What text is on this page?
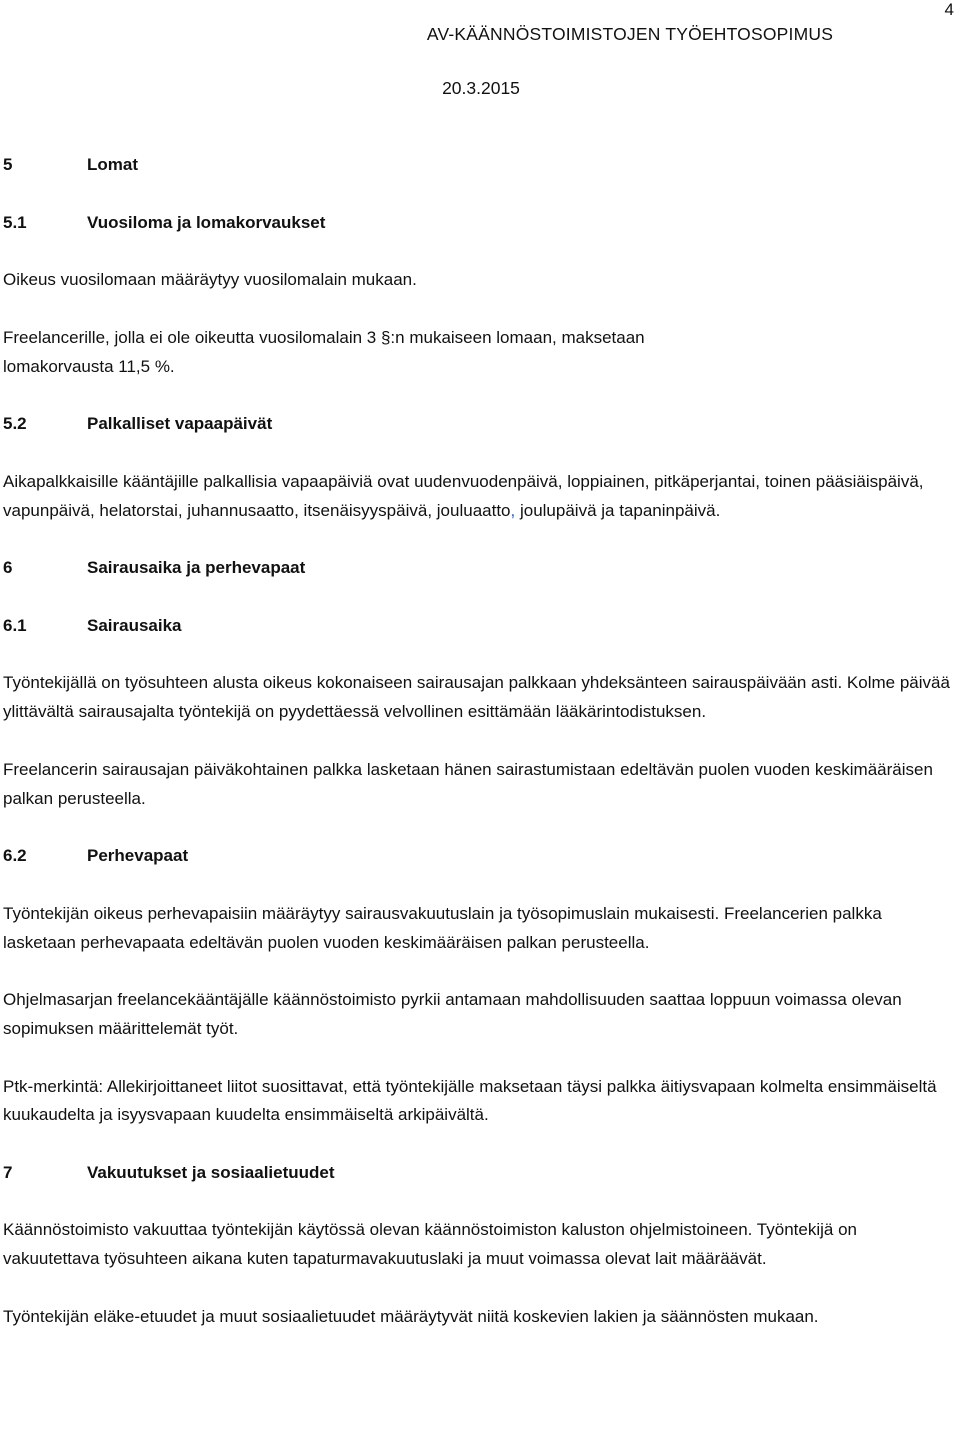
4
AV-KÄÄNNÖSTOIMISTOJEN TYÖEHTOSOPIMUS
20.3.2015
5	Lomat
5.1	Vuosiloma ja lomakorvaukset
Oikeus vuosilomaan määräytyy vuosilomalain mukaan.
Freelancerille, jolla ei ole oikeutta vuosilomalain 3 §:n mukaiseen lomaan, maksetaan lomakorvausta 11,5 %.
5.2	Palkalliset vapaapäivät
Aikapalkkaisille kääntäjille palkallisia vapaapäiviä ovat uudenvuodenpäivä, loppiainen, pitkäperjantai, toinen pääsiäispäivä, vapunpäivä, helatorstai, juhannusaatto, itsenäisyyspäivä, jouluaatto, joulupäivä ja tapaninpäivä.
6	Sairausaika ja perhevapaat
6.1	Sairausaika
Työntekijällä on työsuhteen alusta oikeus kokonaiseen sairausajan palkkaan yhdeksänteen sairauspäivään asti. Kolme päivää ylittävältä sairausajalta työntekijä on pyydettäessä velvollinen esittämään lääkärintodistuksen.
Freelancerin sairausajan päiväkohtainen palkka lasketaan hänen sairastumistaan edeltävän puolen vuoden keskimääräisen palkan perusteella.
6.2	Perhevapaat
Työntekijän oikeus perhevapaisiin määräytyy sairausvakuutuslain ja työsopimuslain mukaisesti. Freelancerien palkka lasketaan perhevapaata edeltävän puolen vuoden keskimääräisen palkan perusteella.
Ohjelmasarjan freelancekääntäjälle käännöstoimisto pyrkii antamaan mahdollisuuden saattaa loppuun voimassa olevan sopimuksen määrittelemät työt.
Ptk-merkintä: Allekirjoittaneet liitot suosittavat, että työntekijälle maksetaan täysi palkka äitiysvapaan kolmelta ensimmäiseltä kuukaudelta ja isyysvapaan kuudelta ensimmäiseltä arkipäivältä.
7	Vakuutukset ja sosiaalietuudet
Käännöstoimisto vakuuttaa työntekijän käytössä olevan käännöstoimiston kaluston ohjelmistoineen. Työntekijä on vakuutettava työsuhteen aikana kuten tapaturmavakuutuslaki ja muut voimassa olevat lait määräävät.
Työntekijän eläke-etuudet ja muut sosiaalietuudet määräytyvät niitä koskevien lakien ja säännösten mukaan.
